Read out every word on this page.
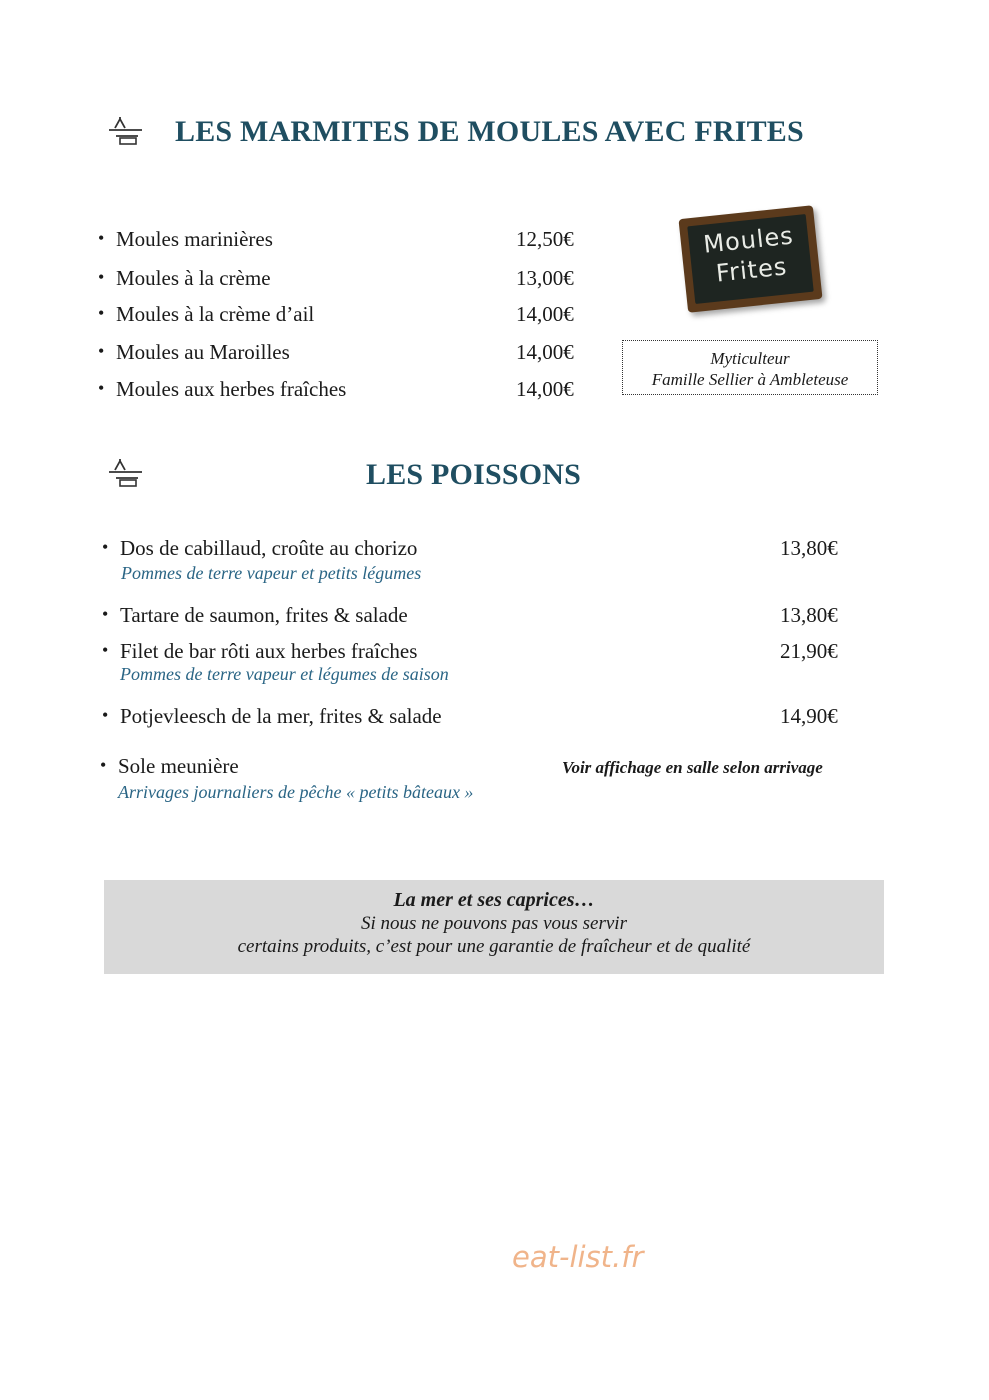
LES MARMITES DE MOULES AVEC FRITES
• Moules marinières	12,50€
• Moules à la crème	13,00€
• Moules à la crème d’ail	14,00€
• Moules au Maroilles	14,00€
• Moules aux herbes fraîches	14,00€
Moules
Frites
Myticulteur
Famille Sellier à Ambleteuse
LES POISSONS
• Dos de cabillaud, croûte au chorizo	13,80€
Pommes de terre vapeur et petits légumes
• Tartare de saumon, frites & salade	13,80€
• Filet de bar rôti aux herbes fraîches	21,90€
Pommes de terre vapeur et légumes de saison
• Potjevleesch de la mer, frites & salade	14,90€
• Sole meunière	Voir affichage en salle selon arrivage
Arrivages journaliers de pêche « petits bâteaux »
La mer et ses caprices…
Si nous ne pouvons pas vous servir
certains produits, c’est pour une garantie de fraîcheur et de qualité
eat-list.fr
